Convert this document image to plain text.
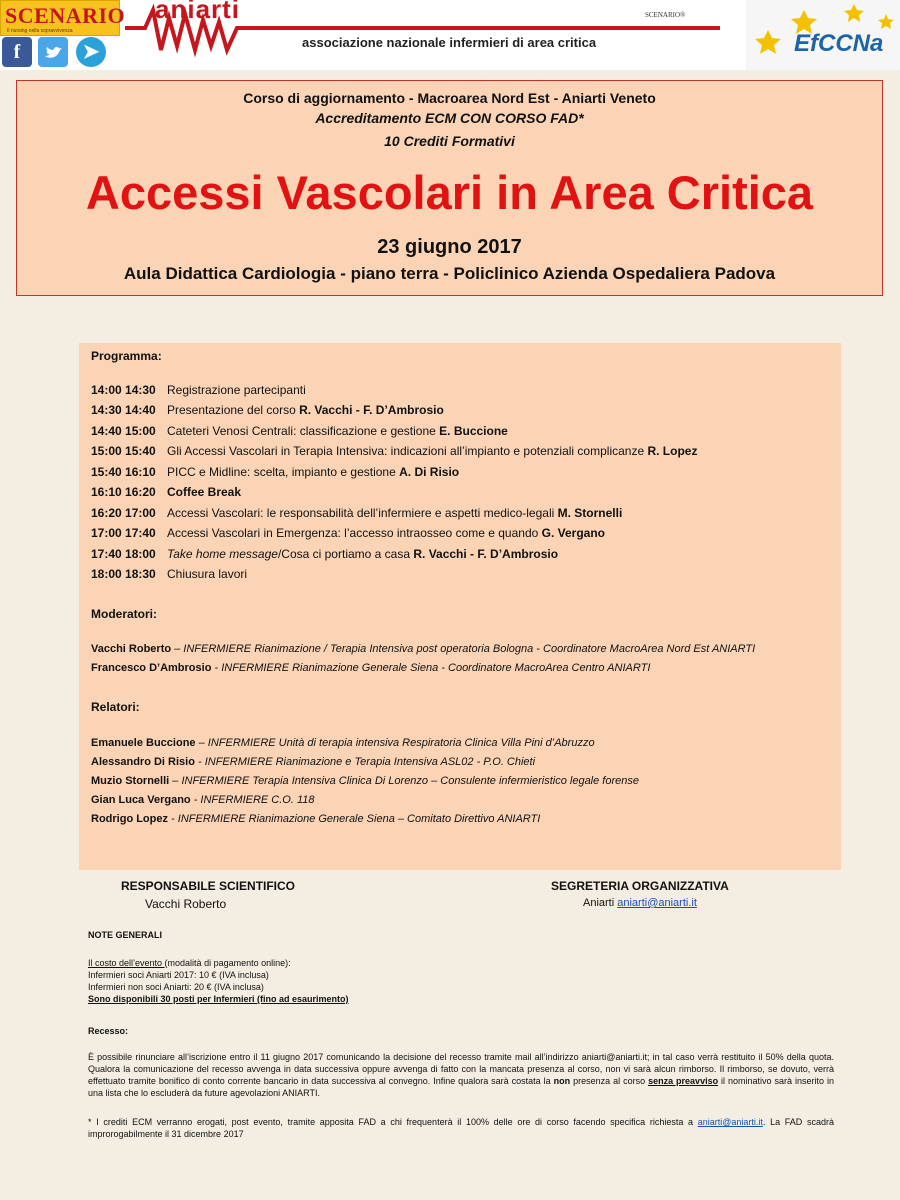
SCENARIO
Il nursing nella sopravvivenza
f	➤
aniarti	SCENARIO®
associazione nazionale infermieri di area critica	EfCCNa
Corso di aggiornamento - Macroarea Nord Est - Aniarti Veneto
Accreditamento ECM CON CORSO FAD*
10 Crediti Formativi
Accessi Vascolari in Area Critica
23 giugno 2017
Aula Didattica Cardiologia - piano terra - Policlinico Azienda Ospedaliera Padova
Programma:
14:00 14:30 Registrazione partecipanti
14:30 14:40 Presentazione del corso R. Vacchi - F. D’Ambrosio
14:40 15:00 Cateteri Venosi Centrali: classificazione e gestione E. Buccione
15:00 15:40 Gli Accessi Vascolari in Terapia Intensiva: indicazioni all’impianto e potenziali complicanze R. Lopez
15:40 16:10 PICC e Midline: scelta, impianto e gestione A. Di Risio
16:10 16:20 Coffee Break
16:20 17:00 Accessi Vascolari: le responsabilità dell’infermiere e aspetti medico-legali M. Stornelli
17:00 17:40 Accessi Vascolari in Emergenza: l’accesso intraosseo come e quando G. Vergano
17:40 18:00 Take home message/Cosa ci portiamo a casa R. Vacchi - F. D’Ambrosio
18:00 18:30 Chiusura lavori
Moderatori:
Vacchi Roberto – INFERMIERE Rianimazione / Terapia Intensiva post operatoria Bologna - Coordinatore MacroArea Nord Est ANIARTI
Francesco D’Ambrosio - INFERMIERE Rianimazione Generale Siena - Coordinatore MacroArea Centro ANIARTI
Relatori:
Emanuele Buccione – INFERMIERE Unità di terapia intensiva Respiratoria Clinica Villa Pini d’Abruzzo
Alessandro Di Risio - INFERMIERE Rianimazione e Terapia Intensiva ASL02 - P.O. Chieti
Muzio Stornelli – INFERMIERE Terapia Intensiva Clinica Di Lorenzo – Consulente infermieristico legale forense
Gian Luca Vergano - INFERMIERE C.O. 118
Rodrigo Lopez - INFERMIERE Rianimazione Generale Siena – Comitato Direttivo ANIARTI
RESPONSABILE SCIENTIFICO
Vacchi Roberto
SEGRETERIA ORGANIZZATIVA
Aniarti aniarti@aniarti.it
NOTE GENERALI
Il costo dell’evento (modalità di pagamento online):
Infermieri soci Aniarti 2017: 10 € (IVA inclusa)
Infermieri non soci Aniarti: 20 € (IVA inclusa)
Sono disponibili 30 posti per Infermieri (fino ad esaurimento)
Recesso:
È possibile rinunciare all’iscrizione entro il 11 giugno 2017 comunicando la decisione del recesso tramite mail all’indirizzo aniarti@aniarti.it; in tal caso verrà restituito il 50% della quota. Qualora la comunicazione del recesso avvenga in data successiva oppure avvenga di fatto con la mancata presenza al corso, non vi sarà alcun rimborso. Il rimborso, se dovuto, verrà effettuato tramite bonifico di conto corrente bancario in data successiva al convegno. Infine qualora sarà costata la non presenza al corso senza preavviso il nominativo sarà inserito in una lista che lo escluderà da future agevolazioni ANIARTI.
* I crediti ECM verranno erogati, post evento, tramite apposita FAD a chi frequenterà il 100% delle ore di corso facendo specifica richiesta a aniarti@aniarti.it. La FAD scadrà improrogabilmente il 31 dicembre 2017
